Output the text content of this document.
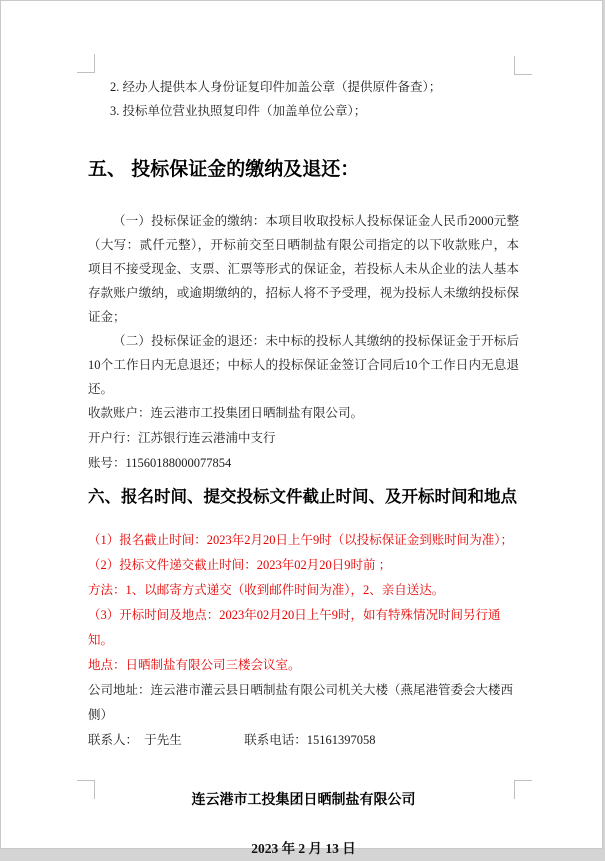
2. 经办人提供本人身份证复印件加盖公章（提供原件备查）；

3. 投标单位营业执照复印件（加盖单位公章）；

五、 投标保证金的缴纳及退还：

（一）投标保证金的缴纳：本项目收取投标人投标保证金人民币2000元整（大写：贰仟元整），开标前交至日晒制盐有限公司指定的以下收款账户，本项目不接受现金、支票、汇票等形式的保证金，若投标人未从企业的法人基本存款账户缴纳，或逾期缴纳的，招标人将不予受理，视为投标人未缴纳投标保证金；

（二）投标保证金的退还：未中标的投标人其缴纳的投标保证金于开标后10个工作日内无息退还；中标人的投标保证金签订合同后10个工作日内无息退还。

收款账户：连云港市工投集团日晒制盐有限公司。

开户行：江苏银行连云港浦中支行

账号：11560188000077854

六、报名时间、提交投标文件截止时间、及开标时间和地点

（1）报名截止时间：2023年2月20日上午9时（以投标保证金到账时间为准）；

（2）投标文件递交截止时间：2023年02月20日9时前 ；

方法：1、以邮寄方式递交（收到邮件时间为准），2、亲自送达。

（3）开标时间及地点：2023年02月20日上午9时，如有特殊情况时间另行通知。

地点：日晒制盐有限公司三楼会议室。

公司地址：连云港市灌云县日晒制盐有限公司机关大楼（燕尾港管委会大楼西侧）

联系人：　于先生　　　　　联系电话：15161397058

连云港市工投集团日晒制盐有限公司

2023 年 2 月 13 日
